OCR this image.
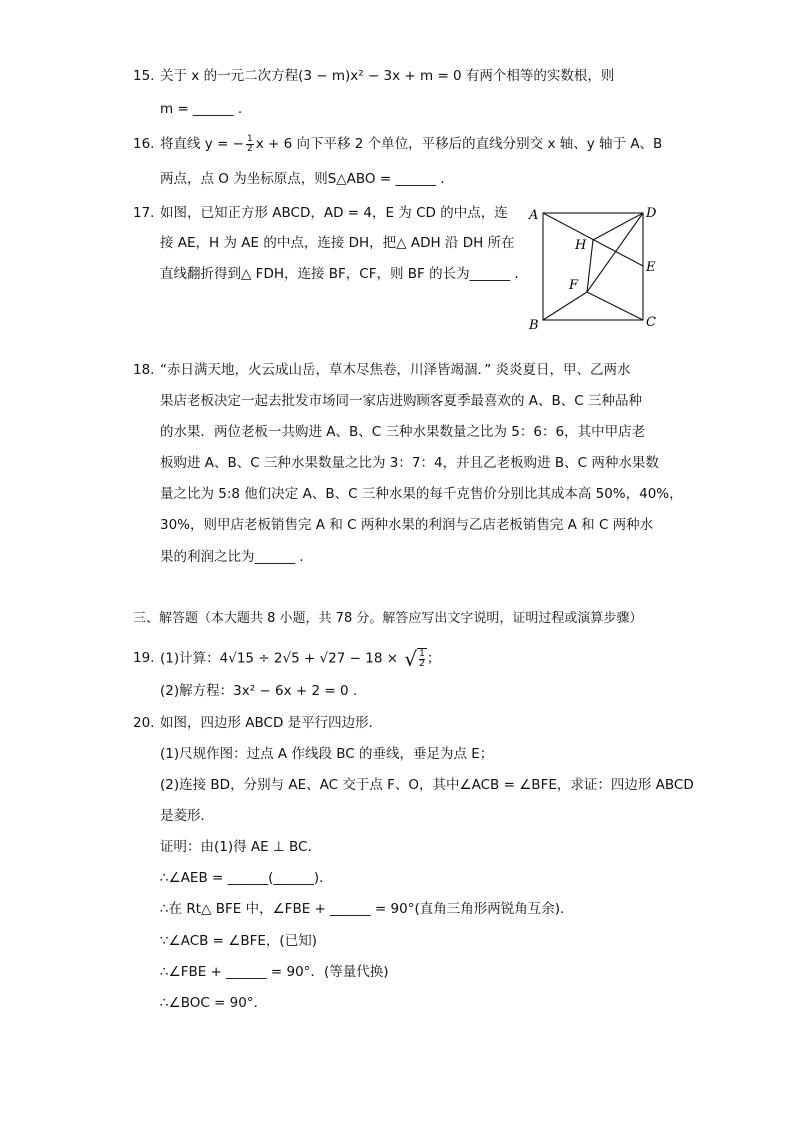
15. 关于 x 的一元二次方程(3 − m)x² − 3x + m = 0 有两个相等的实数根，则
m = ______ .
16. 将直线 y = − $\frac{1}{2}$ x + 6 向下平移 2 个单位，平移后的直线分别交 x 轴、y 轴于 A、B
两点，点 O 为坐标原点，则S△ABO = ______ .
17. 如图，已知正方形 ABCD，AD = 4，E 为 CD 的中点，连
接 AE，H 为 AE 的中点，连接 DH，把△ ADH 沿 DH 所在
直线翻折得到△ FDH，连接 BF，CF，则 BF 的长为______ .
A	D
H
E
F
B	C
18. “赤日满天地，火云成山岳，草木尽焦卷，川泽皆竭涸．” 炎炎夏日，甲、乙两水
果店老板决定一起去批发市场同一家店进购顾客夏季最喜欢的 A、B、C 三种品种
的水果．两位老板一共购进 A、B、C 三种水果数量之比为 5：6：6，其中甲店老
板购进 A、B、C 三种水果数量之比为 3：7：4，并且乙老板购进 B、C 两种水果数
量之比为 5:8 他们决定 A、B、C 三种水果的每千克售价分别比其成本高 50%，40%，
30%，则甲店老板销售完 A 和 C 两种水果的利润与乙店老板销售完 A 和 C 两种水
果的利润之比为______ .
三、解答题（本大题共 8 小题，共 78 分。解答应写出文字说明，证明过程或演算步骤）
19. (1)计算：4√15 ÷ 2√5 + √27 − 18 × √ $\frac{1}{2}$ ；
(2)解方程：3x² − 6x + 2 = 0 .
20. 如图，四边形 ABCD 是平行四边形．
(1)尺规作图：过点 A 作线段 BC 的垂线，垂足为点 E；
(2)连接 BD，分别与 AE、AC 交于点 F、O，其中∠ACB = ∠BFE，求证：四边形 ABCD
是菱形．
证明：由(1)得 AE ⊥ BC．
∴∠AEB = ______(______)．
∴在 Rt△ BFE 中，∠FBE + ______ = 90°(直角三角形两锐角互余)．
∵∠ACB = ∠BFE，(已知)
∴∠FBE + ______ = 90°．(等量代换)
∴∠BOC = 90°．
